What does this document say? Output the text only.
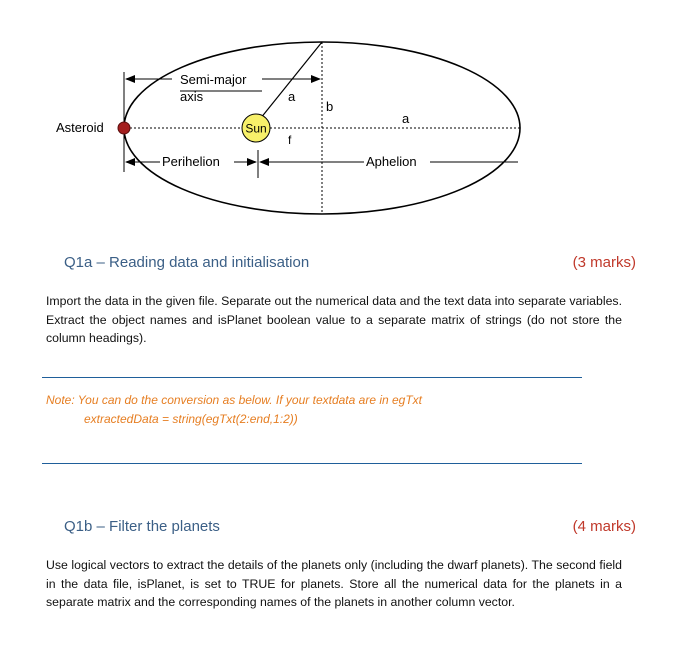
Sun
Asteroid
Semi-major
axis	a
b
a
f
Perihelion	Aphelion
Q1a – Reading data and initialisation	(3 marks)
Import the data in the given file. Separate out the numerical data and the text data into separate variables. Extract the object names and isPlanet boolean value to a separate matrix of strings (do not store the column headings).
Note: You can do the conversion as below. If your textdata are in egTxt
extractedData = string(egTxt(2:end,1:2))
Q1b – Filter the planets	(4 marks)
Use logical vectors to extract the details of the planets only (including the dwarf planets). The second field in the data file, isPlanet, is set to TRUE for planets. Store all the numerical data for the planets in a separate matrix and the corresponding names of the planets in another column vector.
